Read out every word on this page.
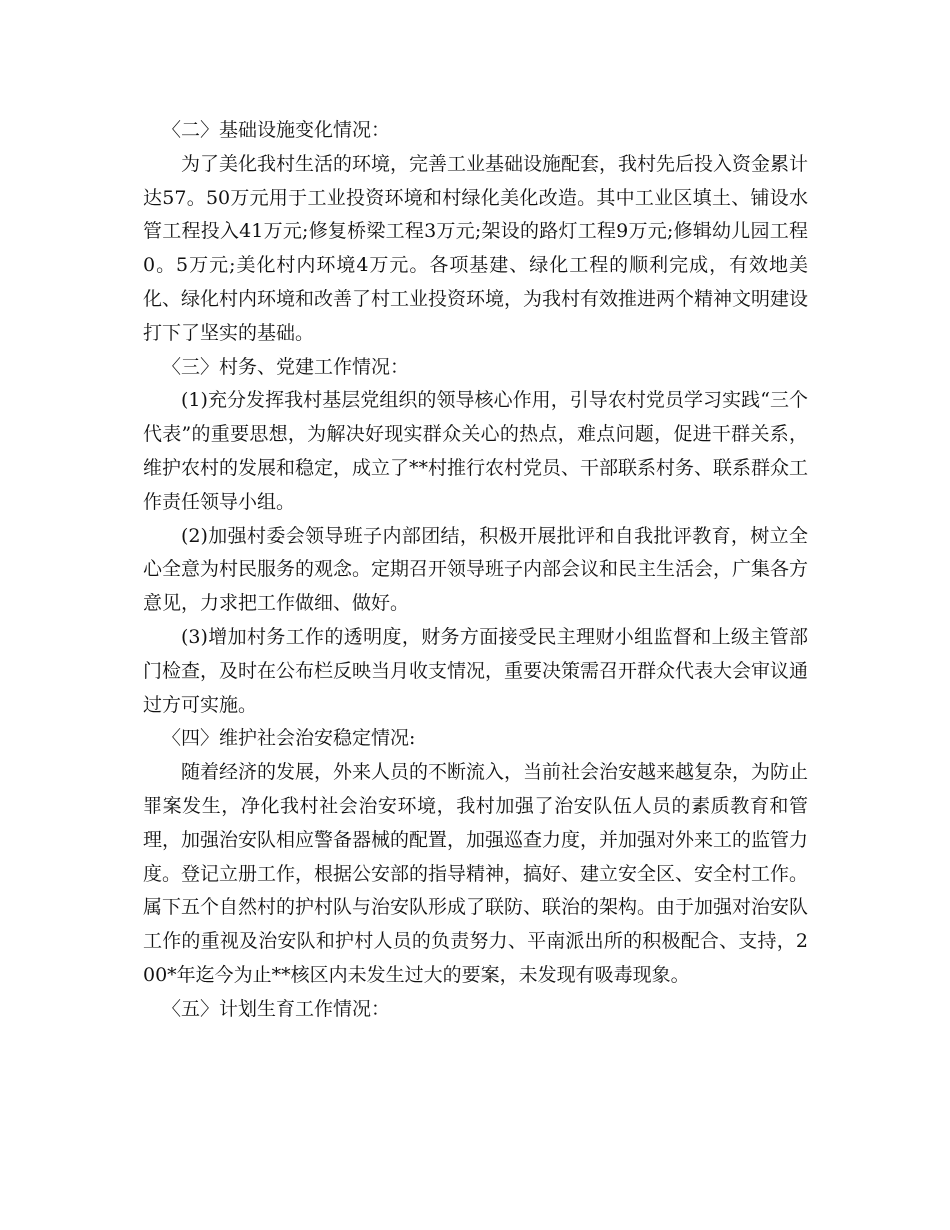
〈二〉基础设施变化情况：

为了美化我村生活的环境，完善工业基础设施配套，我村先后投入资金累计达57。50万元用于工业投资环境和村绿化美化改造。其中工业区填土、铺设水管工程投入41万元;修复桥梁工程3万元;架设的路灯工程9万元;修辑幼儿园工程0。5万元;美化村内环境4万元。各项基建、绿化工程的顺利完成，有效地美化、绿化村内环境和改善了村工业投资环境，为我村有效推进两个精神文明建设打下了坚实的基础。

〈三〉村务、党建工作情况：

(1)充分发挥我村基层党组织的领导核心作用，引导农村党员学习实践“三个代表”的重要思想，为解决好现实群众关心的热点，难点问题，促进干群关系，维护农村的发展和稳定，成立了**村推行农村党员、干部联系村务、联系群众工作责任领导小组。

(2)加强村委会领导班子内部团结，积极开展批评和自我批评教育，树立全心全意为村民服务的观念。定期召开领导班子内部会议和民主生活会，广集各方意见，力求把工作做细、做好。

(3)增加村务工作的透明度，财务方面接受民主理财小组监督和上级主管部门检查，及时在公布栏反映当月收支情况，重要决策需召开群众代表大会审议通过方可实施。

〈四〉维护社会治安稳定情况:

随着经济的发展，外来人员的不断流入，当前社会治安越来越复杂，为防止罪案发生，净化我村社会治安环境，我村加强了治安队伍人员的素质教育和管理，加强治安队相应警备器械的配置，加强巡查力度，并加强对外来工的监管力度。登记立册工作，根据公安部的指导精神，搞好、建立安全区、安全村工作。属下五个自然村的护村队与治安队形成了联防、联治的架构。由于加强对治安队工作的重视及治安队和护村人员的负责努力、平南派出所的积极配合、支持，200*年迄今为止**核区内未发生过大的要案，未发现有吸毒现象。

〈五〉计划生育工作情况：
